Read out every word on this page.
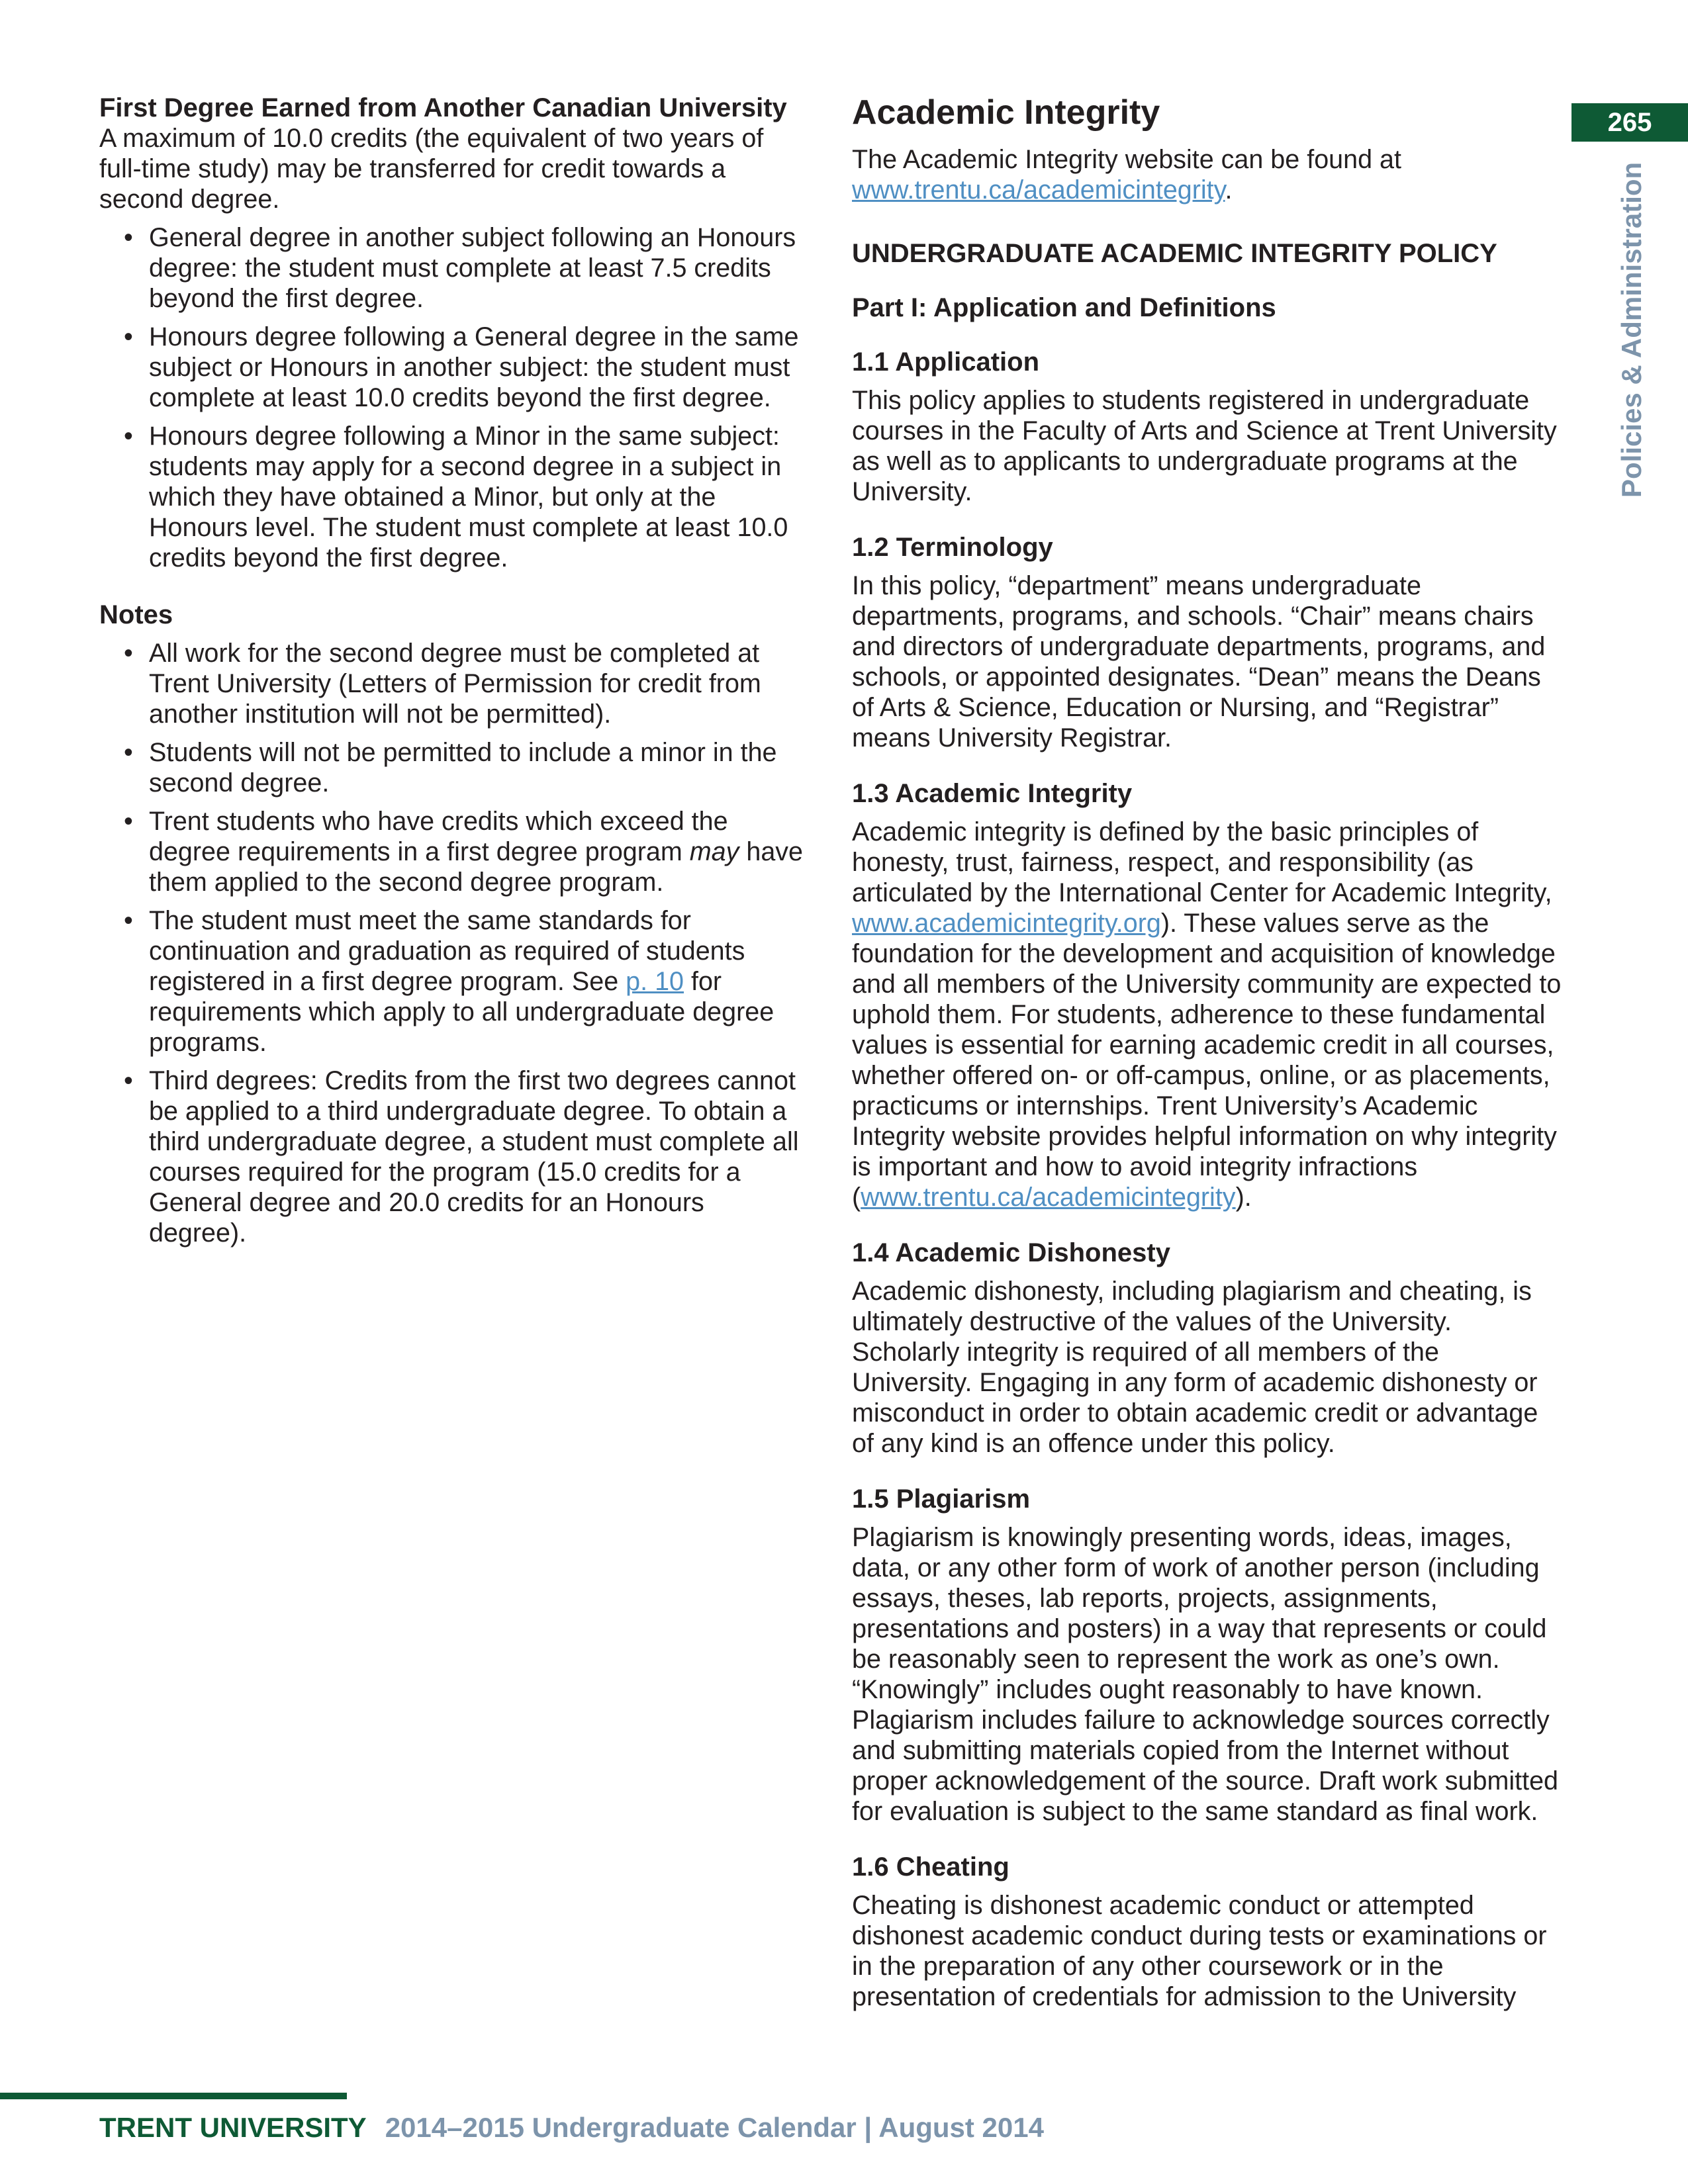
265
Policies & Administration
First Degree Earned from Another Canadian University

A maximum of 10.0 credits (the equivalent of two years of full-time study) may be transferred for credit towards a second degree.

• General degree in another subject following an Honours degree: the student must complete at least 7.5 credits beyond the first degree.
• Honours degree following a General degree in the same subject or Honours in another subject: the student must complete at least 10.0 credits beyond the first degree.
• Honours degree following a Minor in the same subject: students may apply for a second degree in a subject in which they have obtained a Minor, but only at the Honours level. The student must complete at least 10.0 credits beyond the first degree.
Notes
• All work for the second degree must be completed at Trent University (Letters of Permission for credit from another institution will not be permitted).
• Students will not be permitted to include a minor in the second degree.
• Trent students who have credits which exceed the degree requirements in a first degree program may have them applied to the second degree program.
• The student must meet the same standards for continuation and graduation as required of students registered in a first degree program. See p. 10 for requirements which apply to all undergraduate degree programs.
• Third degrees: Credits from the first two degrees cannot be applied to a third undergraduate degree. To obtain a third undergraduate degree, a student must complete all courses required for the program (15.0 credits for a General degree and 20.0 credits for an Honours degree).
Academic Integrity

The Academic Integrity website can be found at www.trentu.ca/academicintegrity.

UNDERGRADUATE ACADEMIC INTEGRITY POLICY
Part I: Application and Definitions
1.1 Application

This policy applies to students registered in undergraduate courses in the Faculty of Arts and Science at Trent University as well as to applicants to undergraduate programs at the University.

1.2 Terminology

In this policy, “department” means undergraduate departments, programs, and schools. “Chair” means chairs and directors of undergraduate departments, programs, and schools, or appointed designates. “Dean” means the Deans of Arts & Science, Education or Nursing, and “Registrar” means University Registrar.

1.3 Academic Integrity

Academic integrity is defined by the basic principles of honesty, trust, fairness, respect, and responsibility (as articulated by the International Center for Academic Integrity, www.academicintegrity.org). These values serve as the foundation for the development and acquisition of knowledge and all members of the University community are expected to uphold them. For students, adherence to these fundamental values is essential for earning academic credit in all courses, whether offered on- or off-campus, online, or as placements, practicums or internships. Trent University’s Academic Integrity website provides helpful information on why integrity is important and how to avoid integrity infractions (www.trentu.ca/academicintegrity).

1.4 Academic Dishonesty

Academic dishonesty, including plagiarism and cheating, is ultimately destructive of the values of the University. Scholarly integrity is required of all members of the University. Engaging in any form of academic dishonesty or misconduct in order to obtain academic credit or advantage of any kind is an offence under this policy.

1.5 Plagiarism

Plagiarism is knowingly presenting words, ideas, images, data, or any other form of work of another person (including essays, theses, lab reports, projects, assignments, presentations and posters) in a way that represents or could be reasonably seen to represent the work as one’s own. “Knowingly” includes ought reasonably to have known. Plagiarism includes failure to acknowledge sources correctly and submitting materials copied from the Internet without proper acknowledgement of the source. Draft work submitted for evaluation is subject to the same standard as final work.

1.6 Cheating

Cheating is dishonest academic conduct or attempted dishonest academic conduct during tests or examinations or in the preparation of any other coursework or in the presentation of credentials for admission to the University

TRENT UNIVERSITY 2014–2015 Undergraduate Calendar | August 2014
